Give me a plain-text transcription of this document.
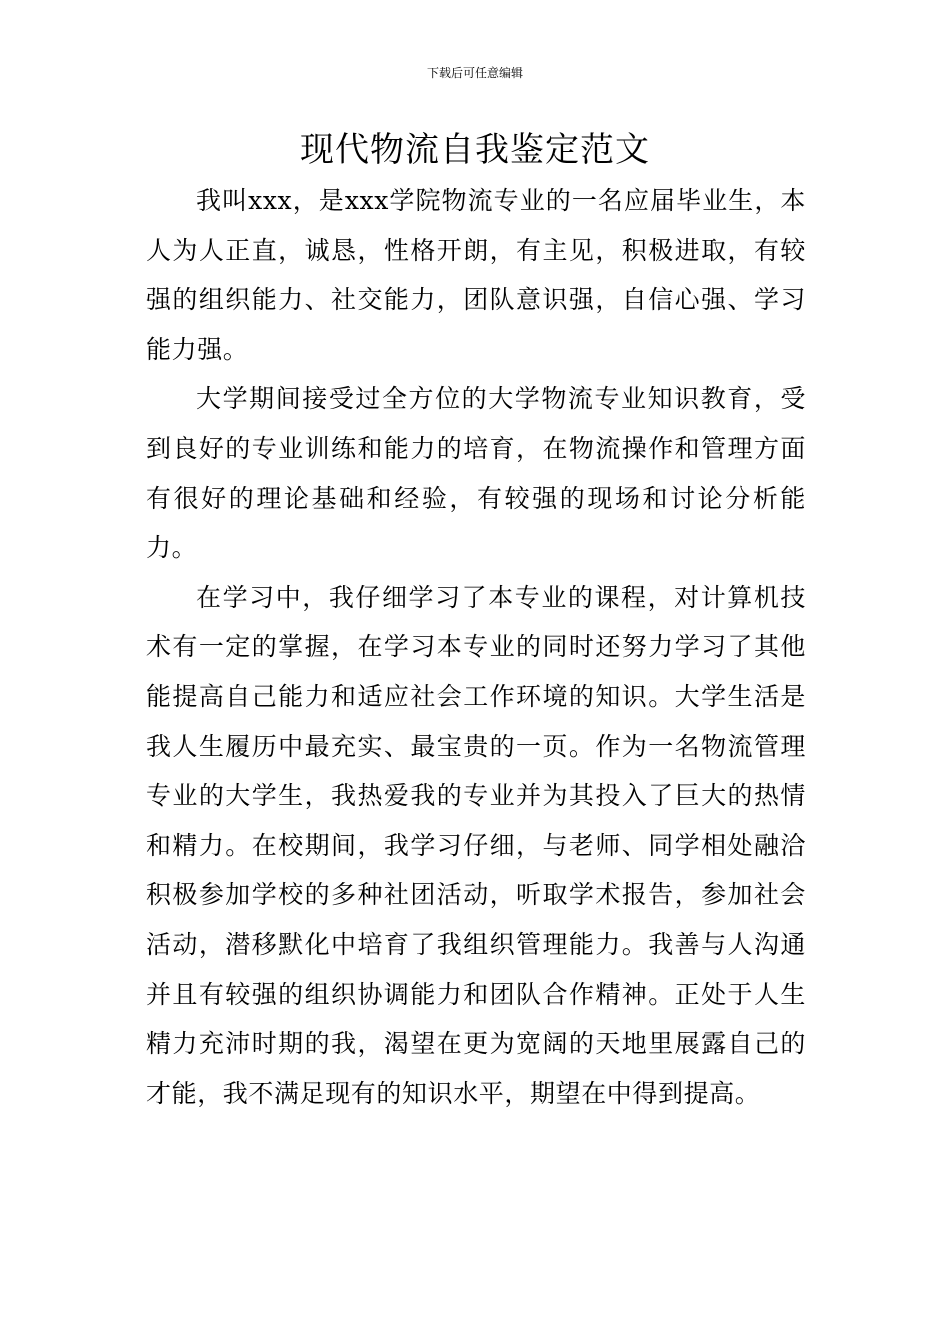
下载后可任意编辑
现代物流自我鉴定范文

我叫xxx，是xxx学院物流专业的一名应届毕业生，本人为人正直，诚恳，性格开朗，有主见，积极进取，有较强的组织能力、社交能力，团队意识强，自信心强、学习能力强。

大学期间接受过全方位的大学物流专业知识教育，受到良好的专业训练和能力的培育，在物流操作和管理方面有很好的理论基础和经验，有较强的现场和讨论分析能力。

在学习中，我仔细学习了本专业的课程，对计算机技术有一定的掌握，在学习本专业的同时还努力学习了其他能提高自己能力和适应社会工作环境的知识。大学生活是我人生履历中最充实、最宝贵的一页。作为一名物流管理专业的大学生，我热爱我的专业并为其投入了巨大的热情和精力。在校期间，我学习仔细，与老师、同学相处融洽积极参加学校的多种社团活动，听取学术报告，参加社会活动，潜移默化中培育了我组织管理能力。我善与人沟通并且有较强的组织协调能力和团队合作精神。正处于人生精力充沛时期的我，渴望在更为宽阔的天地里展露自己的才能，我不满足现有的知识水平，期望在中得到提高。
